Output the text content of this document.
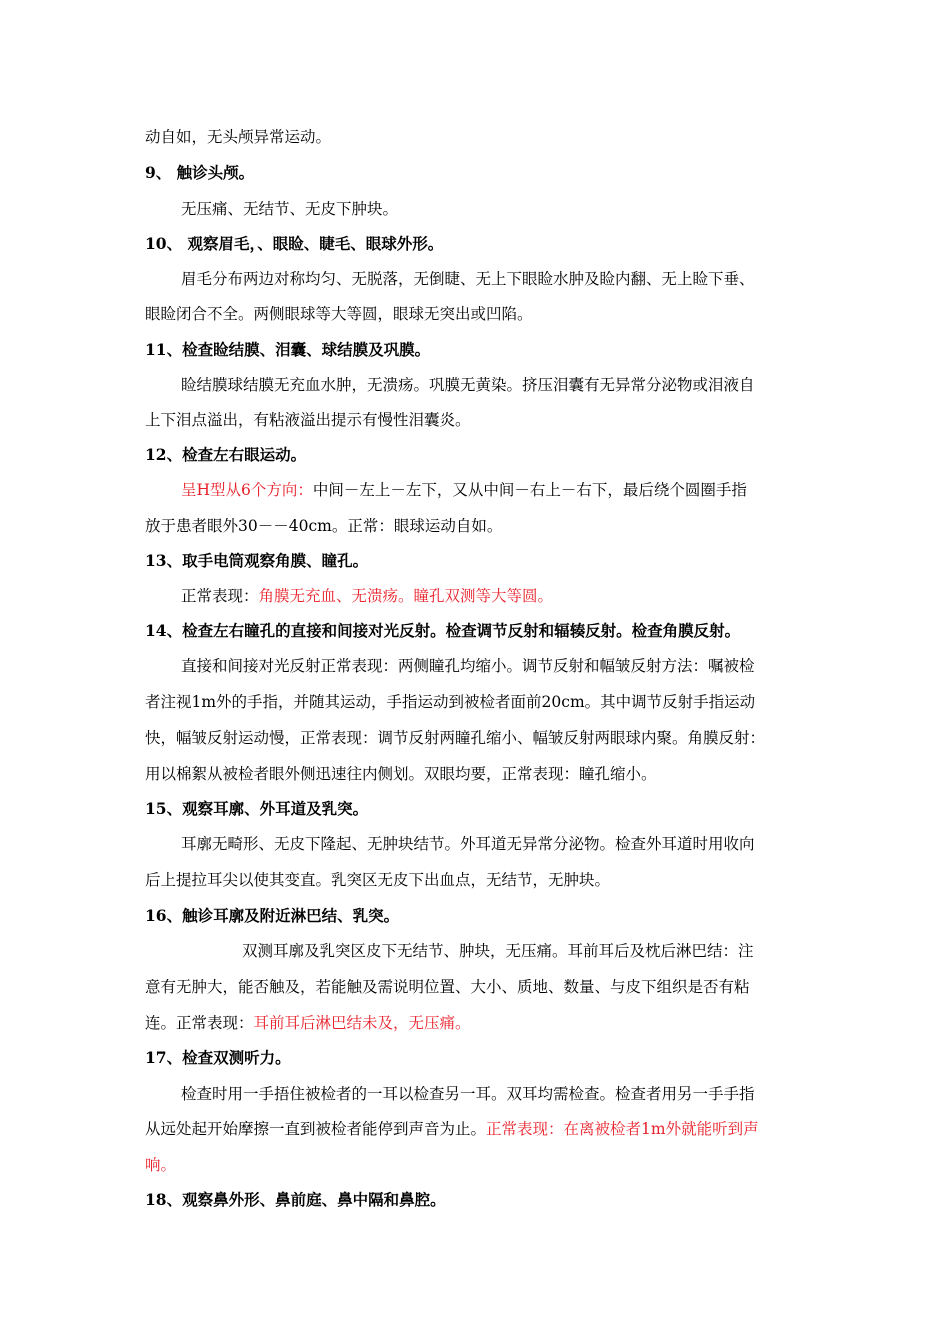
动自如，无头颅异常运动。
9、 触诊头颅。
无压痛、无结节、无皮下肿块。
10、 观察眉毛，、眼睑、睫毛、眼球外形。
眉毛分布两边对称均匀、无脱落，无倒睫、无上下眼睑水肿及睑内翻、无上睑下垂、
眼睑闭合不全。两侧眼球等大等圆，眼球无突出或凹陷。
11、检查睑结膜、泪囊、球结膜及巩膜。
睑结膜球结膜无充血水肿，无溃疡。巩膜无黄染。挤压泪囊有无异常分泌物或泪液自
上下泪点溢出，有粘液溢出提示有慢性泪囊炎。
12、检查左右眼运动。
呈H型从6个方向：中间－左上－左下，又从中间－右上－右下，最后绕个圆圈手指
放于患者眼外30－－40cm。正常：眼球运动自如。
13、取手电筒观察角膜、瞳孔。
正常表现：角膜无充血、无溃疡。瞳孔双测等大等圆。
14、检查左右瞳孔的直接和间接对光反射。检查调节反射和辐辏反射。检查角膜反射。
直接和间接对光反射正常表现：两侧瞳孔均缩小。调节反射和幅皱反射方法：嘱被检
者注视1m外的手指，并随其运动，手指运动到被检者面前20cm。其中调节反射手指运动
快，幅皱反射运动慢，正常表现：调节反射两瞳孔缩小、幅皱反射两眼球内聚。角膜反射：
用以棉絮从被检者眼外侧迅速往内侧划。双眼均要，正常表现：瞳孔缩小。
15、观察耳廓、外耳道及乳突。
耳廓无畸形、无皮下隆起、无肿块结节。外耳道无异常分泌物。检查外耳道时用收向
后上提拉耳尖以使其变直。乳突区无皮下出血点，无结节，无肿块。
16、触诊耳廓及附近淋巴结、乳突。
双测耳廓及乳突区皮下无结节、肿块，无压痛。耳前耳后及枕后淋巴结：注
意有无肿大，能否触及，若能触及需说明位置、大小、质地、数量、与皮下组织是否有粘
连。正常表现：耳前耳后淋巴结未及，无压痛。
17、检查双测听力。
检查时用一手捂住被检者的一耳以检查另一耳。双耳均需检查。检查者用另一手手指
从远处起开始摩擦一直到被检者能停到声音为止。正常表现：在离被检者1m外就能听到声
响。
18、观察鼻外形、鼻前庭、鼻中隔和鼻腔。
